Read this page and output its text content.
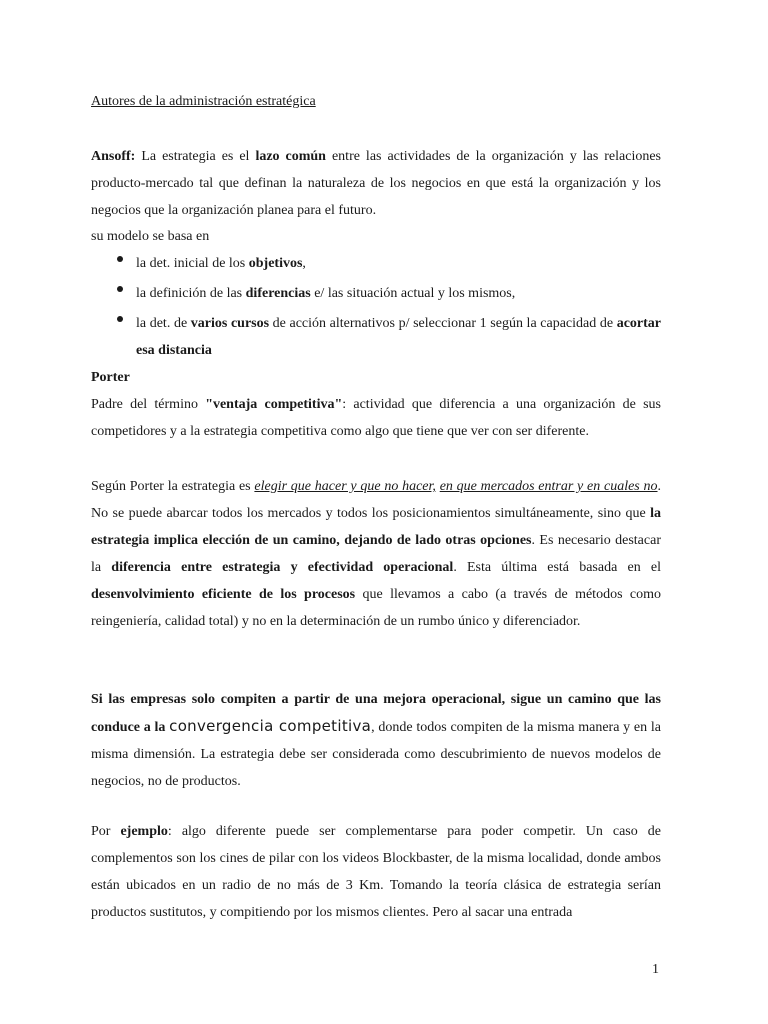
Autores de la administración estratégica

Ansoff: La estrategia es el lazo común entre las actividades de la organización y las relaciones producto-mercado tal que definan la naturaleza de los negocios en que está la organización y los negocios que la organización planea para el futuro.

su modelo se basa en

la det. inicial de los objetivos,

la definición de las diferencias e/ las situación actual y los mismos,

la det. de varios cursos de acción alternativos p/ seleccionar 1 según la capacidad de acortar esa distancia

Porter

Padre del término "ventaja competitiva": actividad que diferencia a una organización de sus competidores y a la estrategia competitiva como algo que tiene que ver con ser diferente.

Según Porter la estrategia es elegir que hacer y que no hacer, en que mercados entrar y en cuales no. No se puede abarcar todos los mercados y todos los posicionamientos simultáneamente, sino que la estrategia implica elección de un camino, dejando de lado otras opciones. Es necesario destacar la diferencia entre estrategia y efectividad operacional. Esta última está basada en el desenvolvimiento eficiente de los procesos que llevamos a cabo (a través de métodos como reingeniería, calidad total) y no en la determinación de un rumbo único y diferenciador.

Si las empresas solo compiten a partir de una mejora operacional, sigue un camino que las conduce a la convergencia competitiva, donde todos compiten de la misma manera y en la misma dimensión. La estrategia debe ser considerada como descubrimiento de nuevos modelos de negocios, no de productos.

Por ejemplo: algo diferente puede ser complementarse para poder competir. Un caso de complementos son los cines de pilar con los videos Blockbaster, de la misma localidad, donde ambos están ubicados en un radio de no más de 3 Km. Tomando la teoría clásica de estrategia serían productos sustitutos, y compitiendo por los mismos clientes. Pero al sacar una entrada

1
